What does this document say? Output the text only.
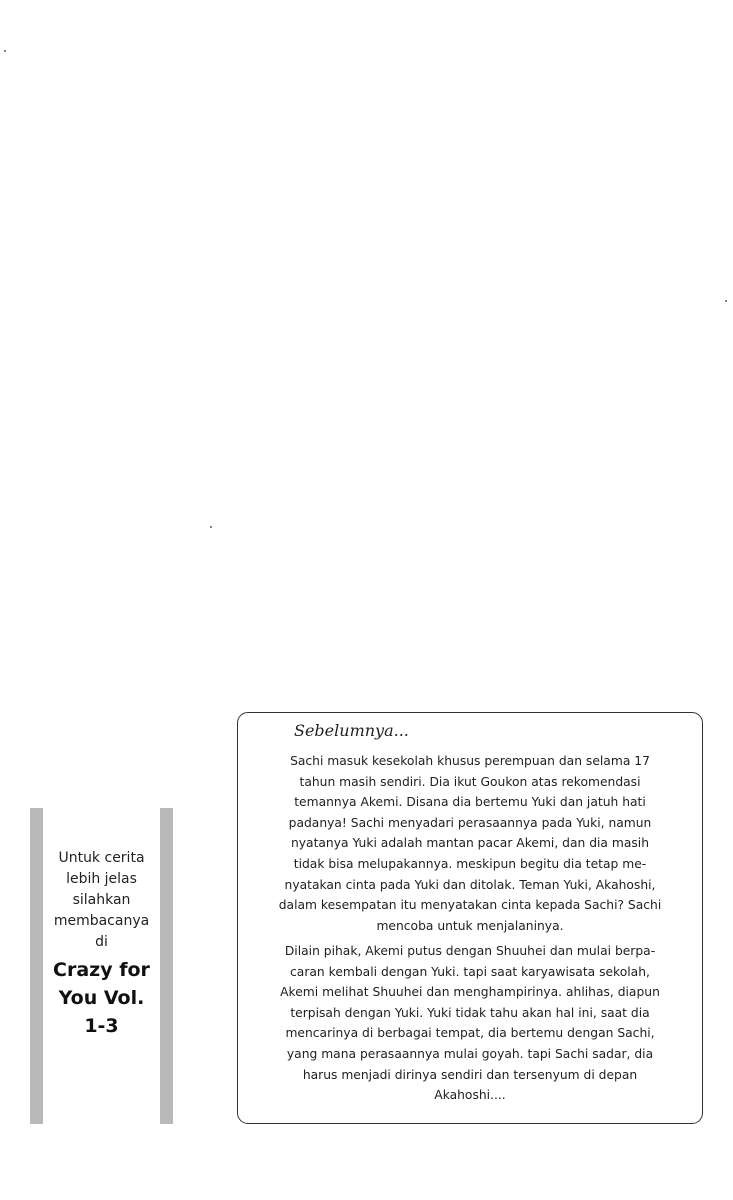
Untuk cerita
lebih jelas
silahkan
membacanya
di
Crazy for
You Vol.
1-3
Sebelumnya...

Sachi masuk kesekolah khusus perempuan dan selama 17
tahun masih sendiri. Dia ikut Goukon atas rekomendasi
temannya Akemi. Disana dia bertemu Yuki dan jatuh hati
padanya! Sachi menyadari perasaannya pada Yuki, namun
nyatanya Yuki adalah mantan pacar Akemi, dan dia masih
tidak bisa melupakannya. meskipun begitu dia tetap me-
nyatakan cinta pada Yuki dan ditolak. Teman Yuki, Akahoshi,
dalam kesempatan itu menyatakan cinta kepada Sachi? Sachi
mencoba untuk menjalaninya.

Dilain pihak, Akemi putus dengan Shuuhei dan mulai berpa-
caran kembali dengan Yuki. tapi saat karyawisata sekolah,
Akemi melihat Shuuhei dan menghampirinya. ahlihas, diapun
terpisah dengan Yuki. Yuki tidak tahu akan hal ini, saat dia
mencarinya di berbagai tempat, dia bertemu dengan Sachi,
yang mana perasaannya mulai goyah. tapi Sachi sadar, dia
harus menjadi dirinya sendiri dan tersenyum di depan
Akahoshi....
